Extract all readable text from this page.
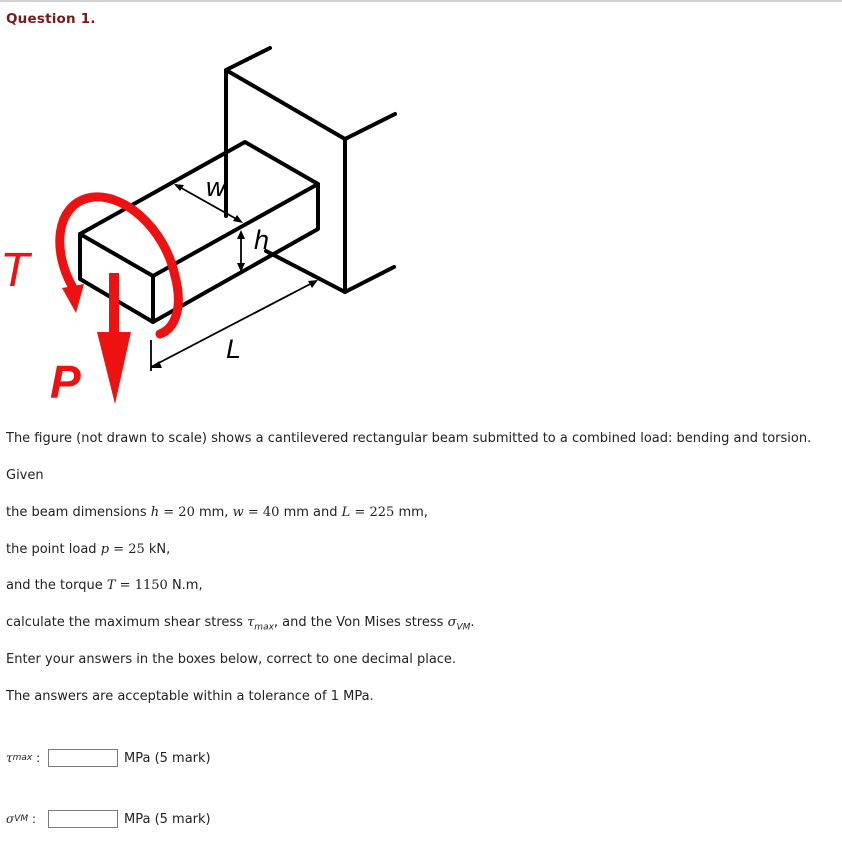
Question 1.
T
P
w
h
L

The figure (not drawn to scale) shows a cantilevered rectangular beam submitted to a combined load: bending and torsion.

Given

the beam dimensions h = 20 mm, w = 40 mm and L = 225 mm,

the point load p = 25 kN,

and the torque T = 1150 N.m,

calculate the maximum shear stress $\tau_{max}$, and the Von Mises stress $\sigma_{VM}$.

Enter your answers in the boxes below, correct to one decimal place.

The answers are acceptable within a tolerance of 1 MPa.

τ max
:	MPa (5 mark)
σ VM
:	MPa (5 mark)
